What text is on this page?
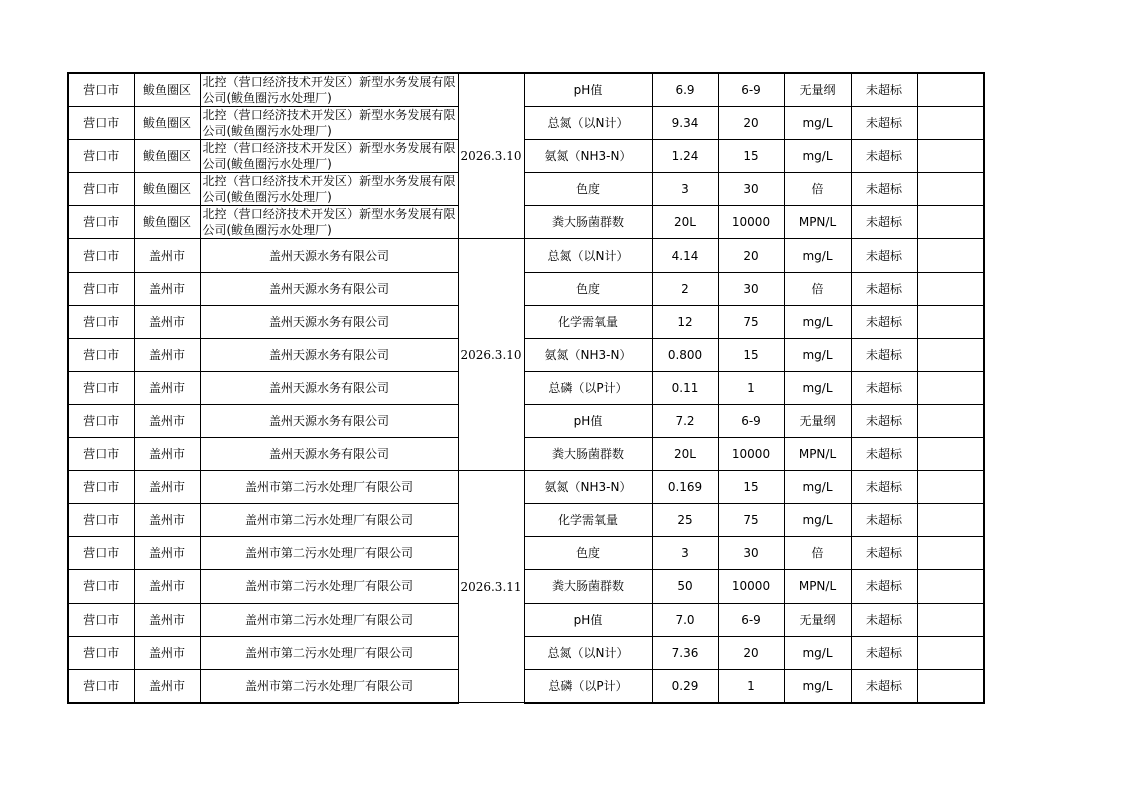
营口市	鲅鱼圈区	北控（营口经济技术开发区）新型水务发展有限公司(鲅鱼圈污水处理厂)	2026.3.10	pH值	6.9	6-9	无量纲	未超标	
营口市	鲅鱼圈区	北控（营口经济技术开发区）新型水务发展有限公司(鲅鱼圈污水处理厂)		总氮（以N计）	9.34	20	mg/L	未超标	
营口市	鲅鱼圈区	北控（营口经济技术开发区）新型水务发展有限公司(鲅鱼圈污水处理厂)		氨氮（NH3-N）	1.24	15	mg/L	未超标	
营口市	鲅鱼圈区	北控（营口经济技术开发区）新型水务发展有限公司(鲅鱼圈污水处理厂)		色度	3	30	倍	未超标	
营口市	鲅鱼圈区	北控（营口经济技术开发区）新型水务发展有限公司(鲅鱼圈污水处理厂)		粪大肠菌群数	20L	10000	MPN/L	未超标	
营口市	盖州市	盖州天源水务有限公司	2026.3.10	总氮（以N计）	4.14	20	mg/L	未超标	
营口市	盖州市	盖州天源水务有限公司		色度	2	30	倍	未超标	
营口市	盖州市	盖州天源水务有限公司		化学需氧量	12	75	mg/L	未超标	
营口市	盖州市	盖州天源水务有限公司		氨氮（NH3-N）	0.800	15	mg/L	未超标	
营口市	盖州市	盖州天源水务有限公司		总磷（以P计）	0.11	1	mg/L	未超标	
营口市	盖州市	盖州天源水务有限公司		pH值	7.2	6-9	无量纲	未超标	
营口市	盖州市	盖州天源水务有限公司		粪大肠菌群数	20L	10000	MPN/L	未超标	
营口市	盖州市	盖州市第二污水处理厂有限公司	2026.3.11	氨氮（NH3-N）	0.169	15	mg/L	未超标	
营口市	盖州市	盖州市第二污水处理厂有限公司		化学需氧量	25	75	mg/L	未超标	
营口市	盖州市	盖州市第二污水处理厂有限公司		色度	3	30	倍	未超标	
营口市	盖州市	盖州市第二污水处理厂有限公司		粪大肠菌群数	50	10000	MPN/L	未超标	
营口市	盖州市	盖州市第二污水处理厂有限公司		pH值	7.0	6-9	无量纲	未超标	
营口市	盖州市	盖州市第二污水处理厂有限公司		总氮（以N计）	7.36	20	mg/L	未超标	
营口市	盖州市	盖州市第二污水处理厂有限公司		总磷（以P计）	0.29	1	mg/L	未超标	
